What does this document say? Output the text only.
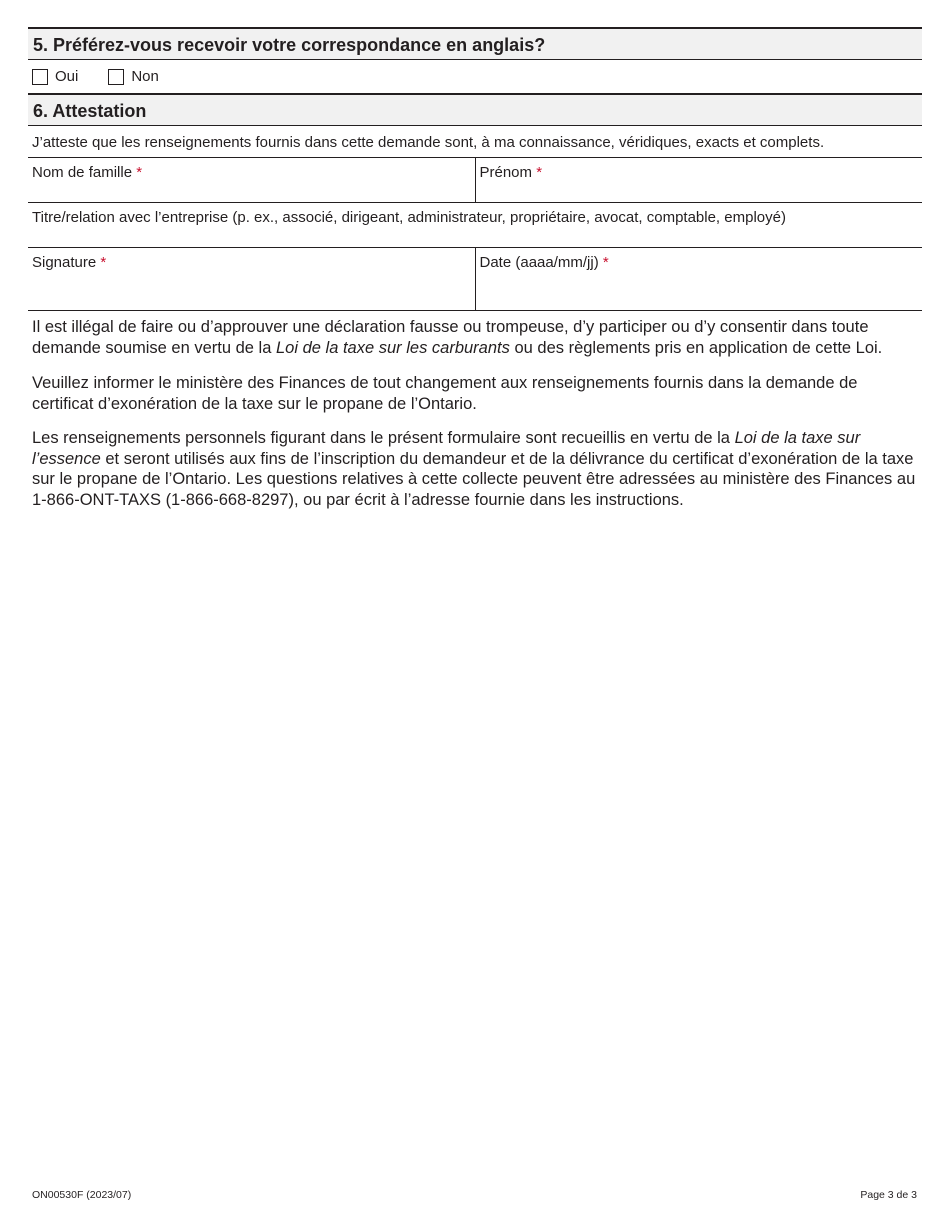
5. Préférez-vous recevoir votre correspondance en anglais?
Oui	Non
6. Attestation
J’atteste que les renseignements fournis dans cette demande sont, à ma connaissance, véridiques, exacts et complets.
Nom de famille *	Prénom *
Titre/relation avec l’entreprise (p. ex., associé, dirigeant, administrateur, propriétaire, avocat, comptable, employé)
Signature *	Date (aaaa/mm/jj) *

Il est illégal de faire ou d’approuver une déclaration fausse ou trompeuse, d’y participer ou d’y consentir dans toute demande soumise en vertu de la Loi de la taxe sur les carburants ou des règlements pris en application de cette Loi.

Veuillez informer le ministère des Finances de tout changement aux renseignements fournis dans la demande de certificat d’exonération de la taxe sur le propane de l’Ontario.

Les renseignements personnels figurant dans le présent formulaire sont recueillis en vertu de la Loi de la taxe sur l’essence et seront utilisés aux fins de l’inscription du demandeur et de la délivrance du certificat d’exonération de la taxe sur le propane de l’Ontario. Les questions relatives à cette collecte peuvent être adressées au ministère des Finances au 1-866-ONT-TAXS (1-866-668-8297), ou par écrit à l’adresse fournie dans les instructions.

ON00530F (2023/07)	Page 3 de 3
